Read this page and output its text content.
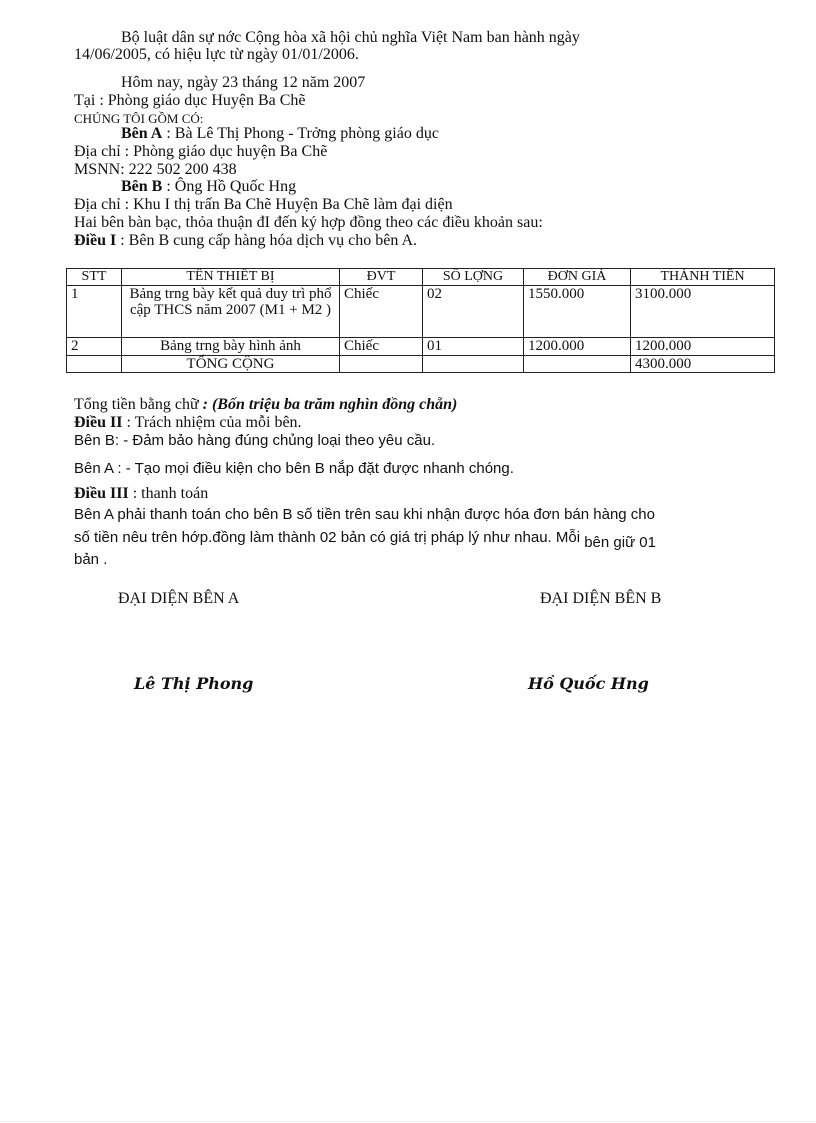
Bộ luật dân sự nớc Cộng hòa xã hội chủ nghĩa Việt Nam ban hành ngày
14/06/2005, có hiệu lực từ ngày 01/01/2006.
Hôm nay, ngày 23 tháng 12 năm 2007
Tại : Phòng giáo dục Huyện Ba Chẽ
CHÚNG TÔI GỒM CÓ:
Bên A : Bà Lê Thị Phong - Trởng phòng giáo dục
Địa chỉ : Phòng giáo dục huyện Ba Chẽ
MSNN: 222 502 200 438
Bên B : Ông Hồ Quốc Hng
Địa chỉ : Khu I thị trấn Ba Chẽ Huyện Ba Chẽ làm đại diện
Hai bên bàn bạc, thỏa thuận đI đến ký hợp đồng theo các điều khoản sau:
Điều I : Bên B cung cấp hàng hóa dịch vụ cho bên A.
STT	TÊN THIẾT BỊ	ĐVT	SỐ LỢNG	ĐƠN GIÁ	THÀNH TIỀN
1	Bảng trng bày kết quả duy trì phổ cập THCS năm 2007 (M1 + M2 )	Chiếc	02	1550.000	3100.000
2	Bảng trng bày hình ảnh	Chiếc	01	1200.000	1200.000
	TỔNG CỘNG				4300.000
Tổng tiền bằng chữ : (Bốn triệu ba trăm nghìn đồng chẵn)
Điều II : Trách nhiệm của mỗi bên.
Bên B: - Đảm bảo hàng đúng chủng loại theo yêu cầu.
Bên A : - Tạo mọi điều kiện cho bên B nắp đặt được nhanh chóng.
Điều III : thanh toán
Bên A phải thanh toán cho bên B số tiền trên sau khi nhận được hóa đơn bán hàng cho
số tiền nêu trên hớp.đồng làm thành 02 bản có giá trị pháp lý như nhau. Mỗi bên giữ 01
bản .
ĐẠI DIỆN BÊN A	ĐẠI DIỆN BÊN B
Lê Thị Phong	Hồ Quốc Hng
